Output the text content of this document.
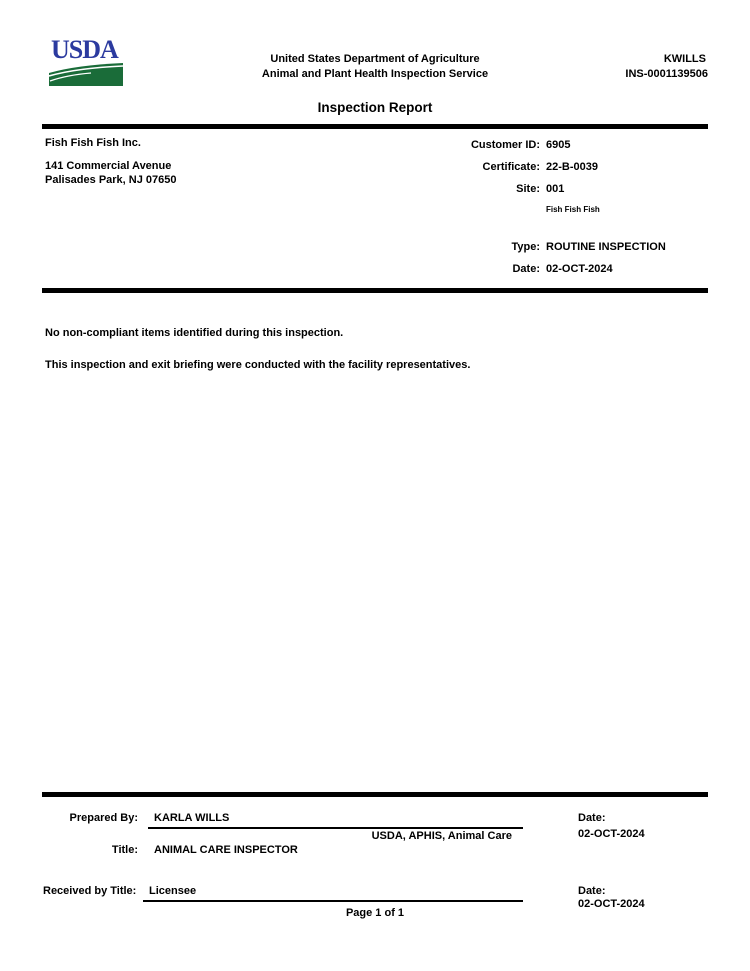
USDA	United States Department of Agriculture
Animal and Plant Health Inspection Service
KWILLS
INS-0001139506
Inspection Report
Fish Fish Fish Inc.
141 Commercial Avenue
Palisades Park, NJ 07650
Customer ID: 6905
Certificate: 22-B-0039
Site: 001
Fish Fish Fish
Type: ROUTINE INSPECTION
Date: 02-OCT-2024
No non-compliant items identified during this inspection.
This inspection and exit briefing were conducted with the facility representatives.
Prepared By: KARLA WILLS
USDA, APHIS, Animal Care
Title: ANIMAL CARE INSPECTOR
Date:
02-OCT-2024
Received by Title: Licensee	Date:
02-OCT-2024
Page 1 of 1
